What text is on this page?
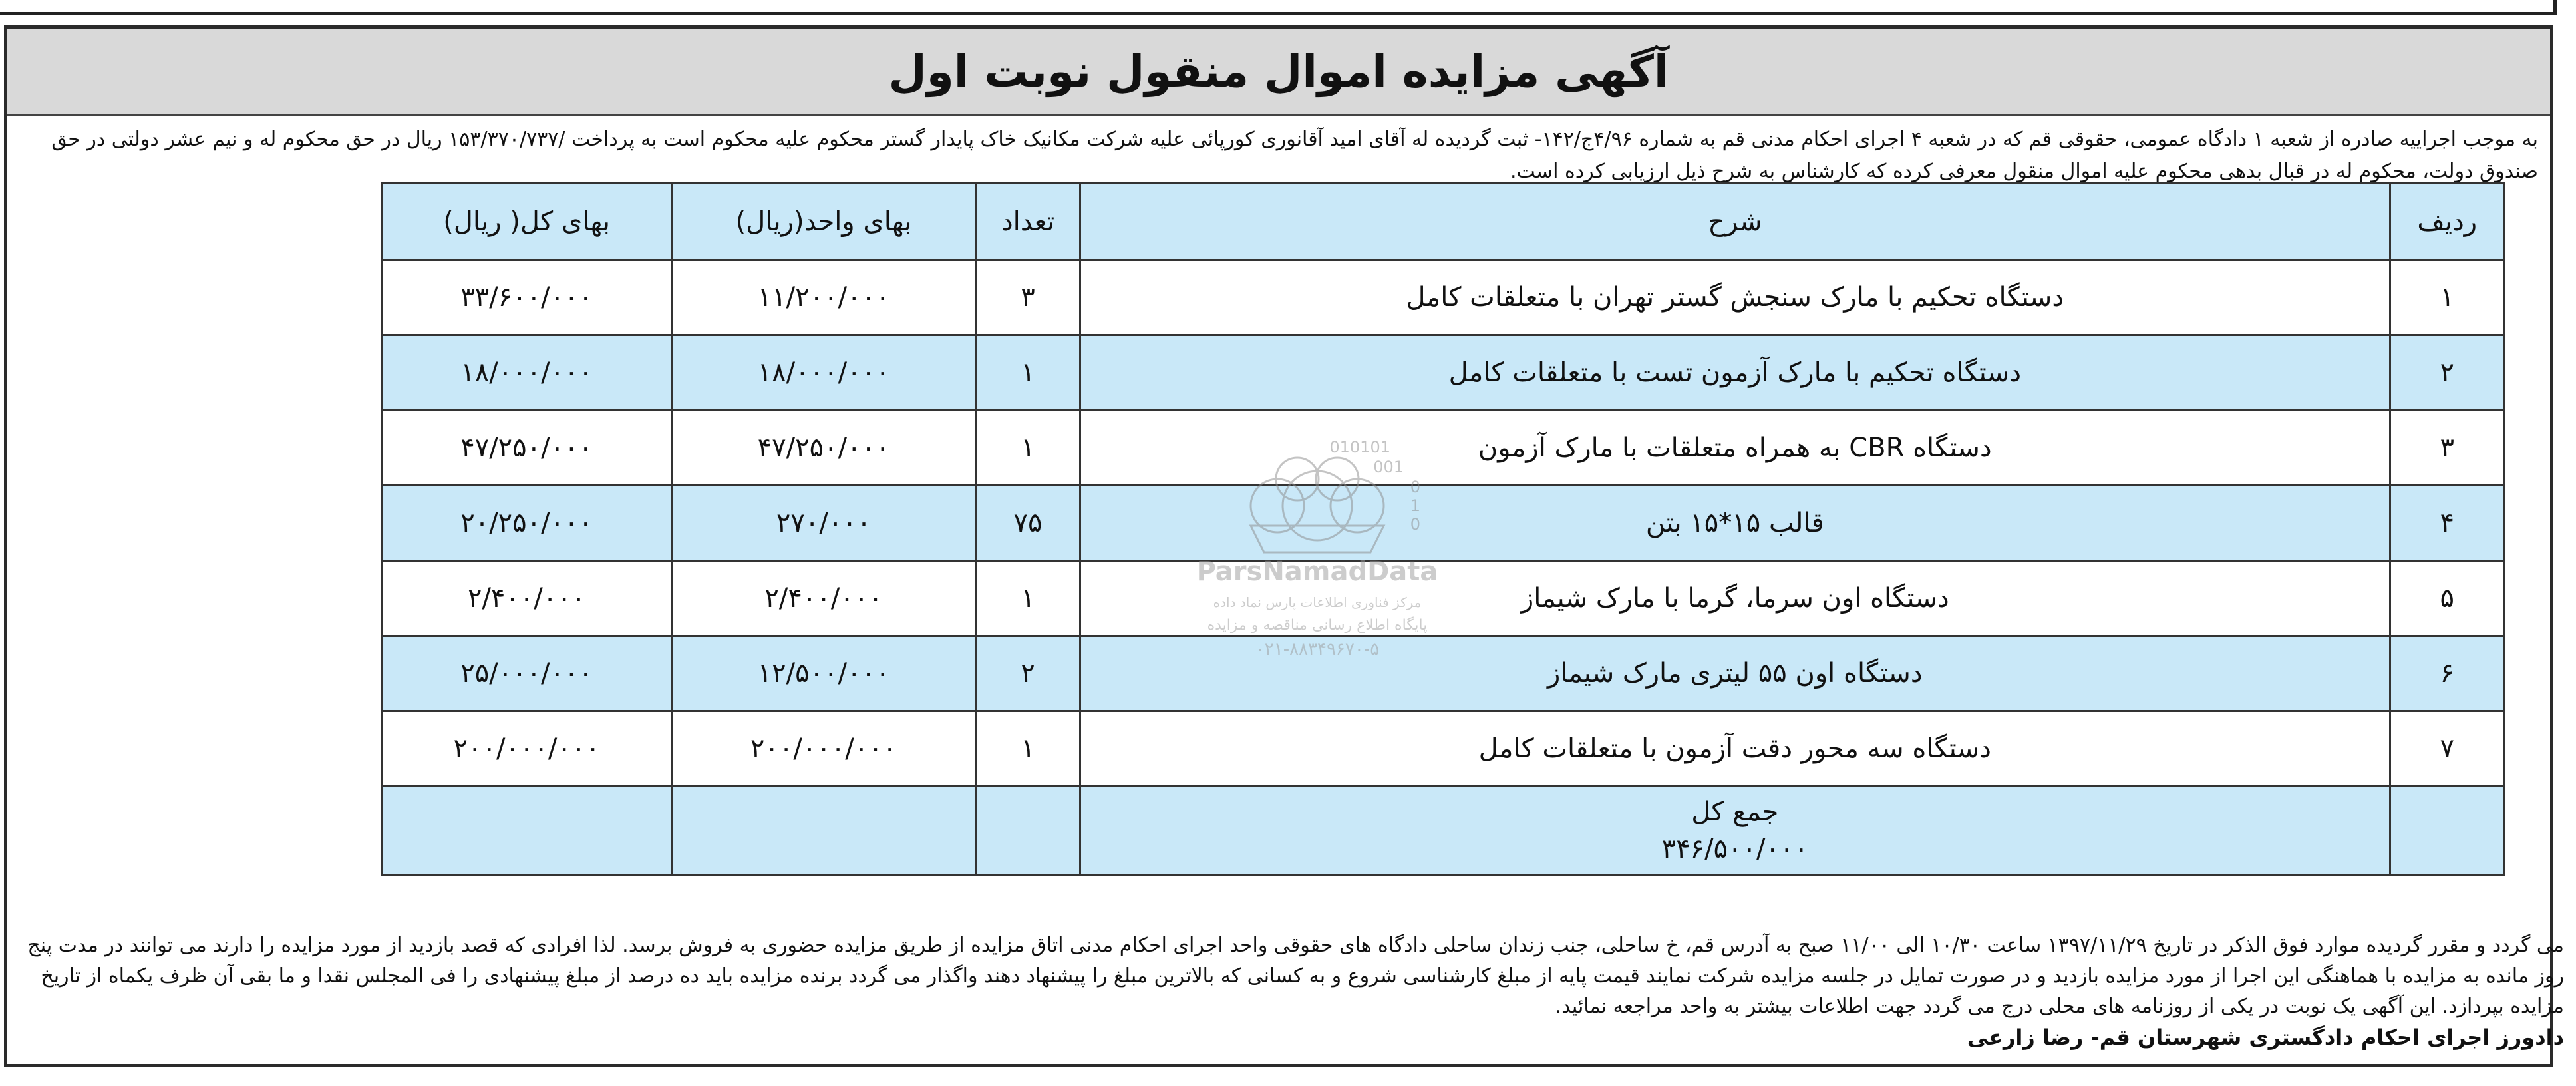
آگهی مزایده اموال منقول نوبت اول

به موجب اجراییه صادره از شعبه ۱ دادگاه عمومی، حقوقی قم که در شعبه ۴ اجرای احکام مدنی قم به شماره ۴/۹۶ج/۱۴۲- ثبت گردیده له آقای امید آقانوری کورپائی علیه شرکت مکانیک خاک پایدار گستر محکوم علیه محکوم است به پرداخت /۱۵۳/۳۷۰/۷۳۷ ریال در حق محکوم له و نیم عشر دولتی در حق صندوق دولت، محکوم له در قبال بدهی محکوم علیه اموال منقول معرفی کرده که کارشناس به شرح ذیل ارزیابی کرده است.

ردیف	شرح	تعداد	بهای واحد(ریال)	بهای کل( ریال)
۱	دستگاه تحکیم با مارک سنجش گستر تهران با متعلقات کامل	۳	۱۱/۲۰۰/۰۰۰	۳۳/۶۰۰/۰۰۰
۲	دستگاه تحکیم با مارک آزمون تست با متعلقات کامل	۱	۱۸/۰۰۰/۰۰۰	۱۸/۰۰۰/۰۰۰
۳	دستگاه CBR به همراه متعلقات با مارک آزمون	۱	۴۷/۲۵۰/۰۰۰	۴۷/۲۵۰/۰۰۰
۴	قالب ۱۵*۱۵ بتن	۷۵	۲۷۰/۰۰۰	۲۰/۲۵۰/۰۰۰
۵	دستگاه اون سرما، گرما با مارک شیماز	۱	۲/۴۰۰/۰۰۰	۲/۴۰۰/۰۰۰
۶	دستگاه اون ۵۵ لیتری مارک شیماز	۲	۱۲/۵۰۰/۰۰۰	۲۵/۰۰۰/۰۰۰
۷	دستگاه سه محور دقت آزمون با متعلقات کامل	۱	۲۰۰/۰۰۰/۰۰۰	۲۰۰/۰۰۰/۰۰۰
	جمع کل
۳۴۶/۵۰۰/۰۰۰			
010101
001
0
1
0
ParsNamadData
مرکز فناوری اطلاعات پارس نماد داده
پایگاه اطلاع رسانی مناقصه و مزایده
۰۲۱-۸۸۳۴۹۶۷۰-۵

می گردد و مقرر گردیده موارد فوق الذکر در تاریخ ۱۳۹۷/۱۱/۲۹ ساعت ۱۰/۳۰ الی ۱۱/۰۰ صبح به آدرس قم، خ ساحلی، جنب زندان ساحلی دادگاه های حقوقی واحد اجرای احکام مدنی اتاق مزایده از طریق مزایده حضوری به فروش برسد. لذا افرادی که قصد بازدید از مورد مزایده را دارند می توانند در مدت پنج روز مانده به مزایده با هماهنگی این اجرا از مورد مزایده بازدید و در صورت تمایل در جلسه مزایده شرکت نمایند قیمت پایه از مبلغ کارشناسی شروع و به کسانی که بالاترین مبلغ را پیشنهاد دهند واگذار می گردد برنده مزایده باید ده درصد از مبلغ پیشنهادی را فی المجلس نقدا و ما بقی آن ظرف یکماه از تاریخ مزایده بپردازد. این آگهی یک نوبت در یکی از روزنامه های محلی درج می گردد جهت اطلاعات بیشتر به واحد مراجعه نمائید.

دادورز اجرای احکام دادگستری شهرستان قم- رضا زارعی
